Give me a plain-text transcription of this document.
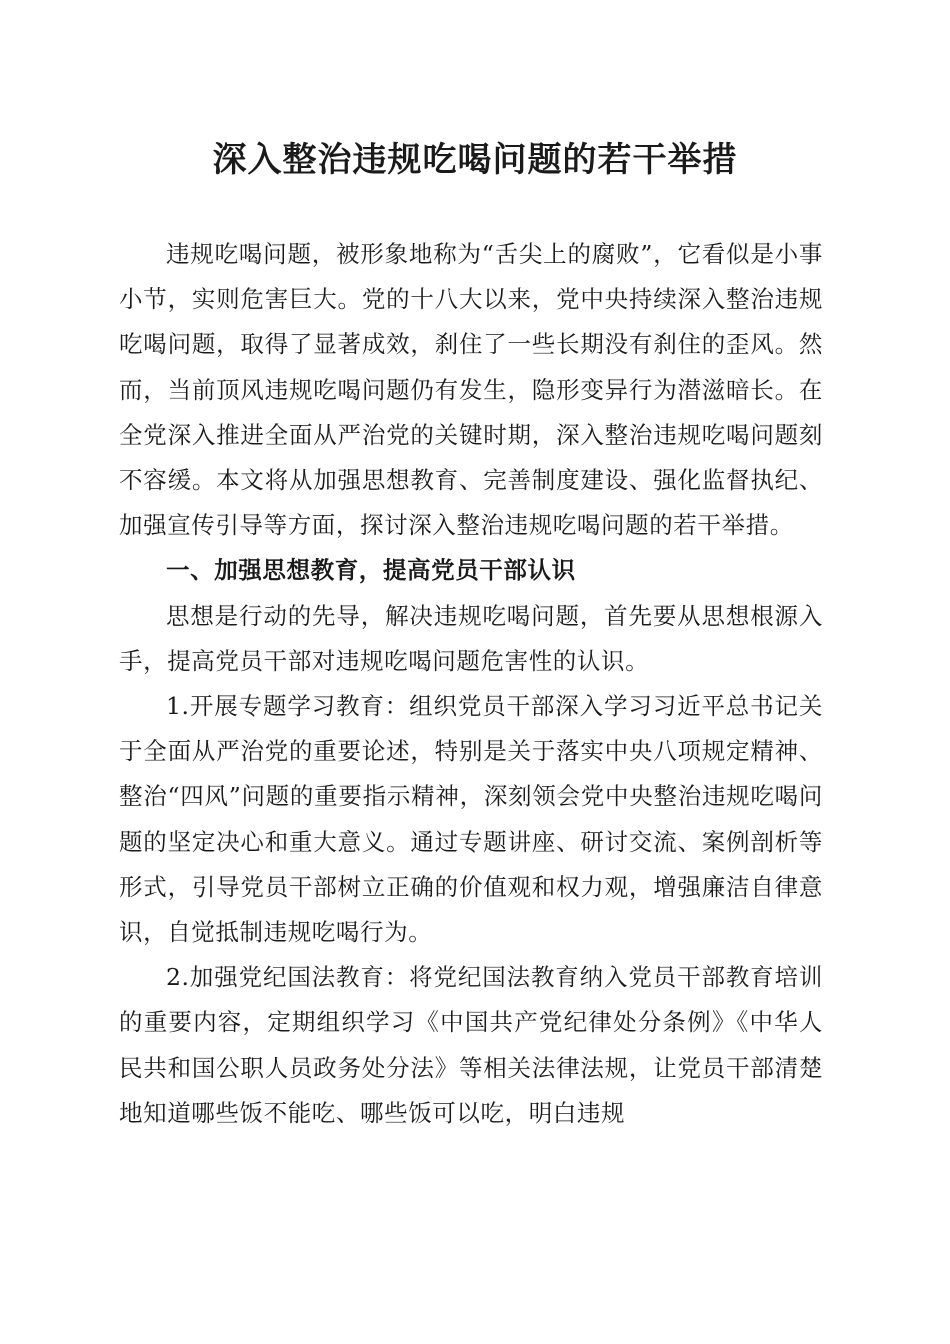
深入整治违规吃喝问题的若干举措

违规吃喝问题，被形象地称为“舌尖上的腐败”，它看似是小事小节，实则危害巨大。党的十八大以来，党中央持续深入整治违规吃喝问题，取得了显著成效，刹住了一些长期没有刹住的歪风。然而，当前顶风违规吃喝问题仍有发生，隐形变异行为潜滋暗长。在全党深入推进全面从严治党的关键时期，深入整治违规吃喝问题刻不容缓。本文将从加强思想教育、完善制度建设、强化监督执纪、加强宣传引导等方面，探讨深入整治违规吃喝问题的若干举措。

一、加强思想教育，提高党员干部认识

思想是行动的先导，解决违规吃喝问题，首先要从思想根源入手，提高党员干部对违规吃喝问题危害性的认识。

1.开展专题学习教育：组织党员干部深入学习习近平总书记关于全面从严治党的重要论述，特别是关于落实中央八项规定精神、整治“四风”问题的重要指示精神，深刻领会党中央整治违规吃喝问题的坚定决心和重大意义。通过专题讲座、研讨交流、案例剖析等形式，引导党员干部树立正确的价值观和权力观，增强廉洁自律意识，自觉抵制违规吃喝行为。

2.加强党纪国法教育：将党纪国法教育纳入党员干部教育培训的重要内容，定期组织学习《中国共产党纪律处分条例》《中华人民共和国公职人员政务处分法》等相关法律法规，让党员干部清楚地知道哪些饭不能吃、哪些饭可以吃，明白违规
